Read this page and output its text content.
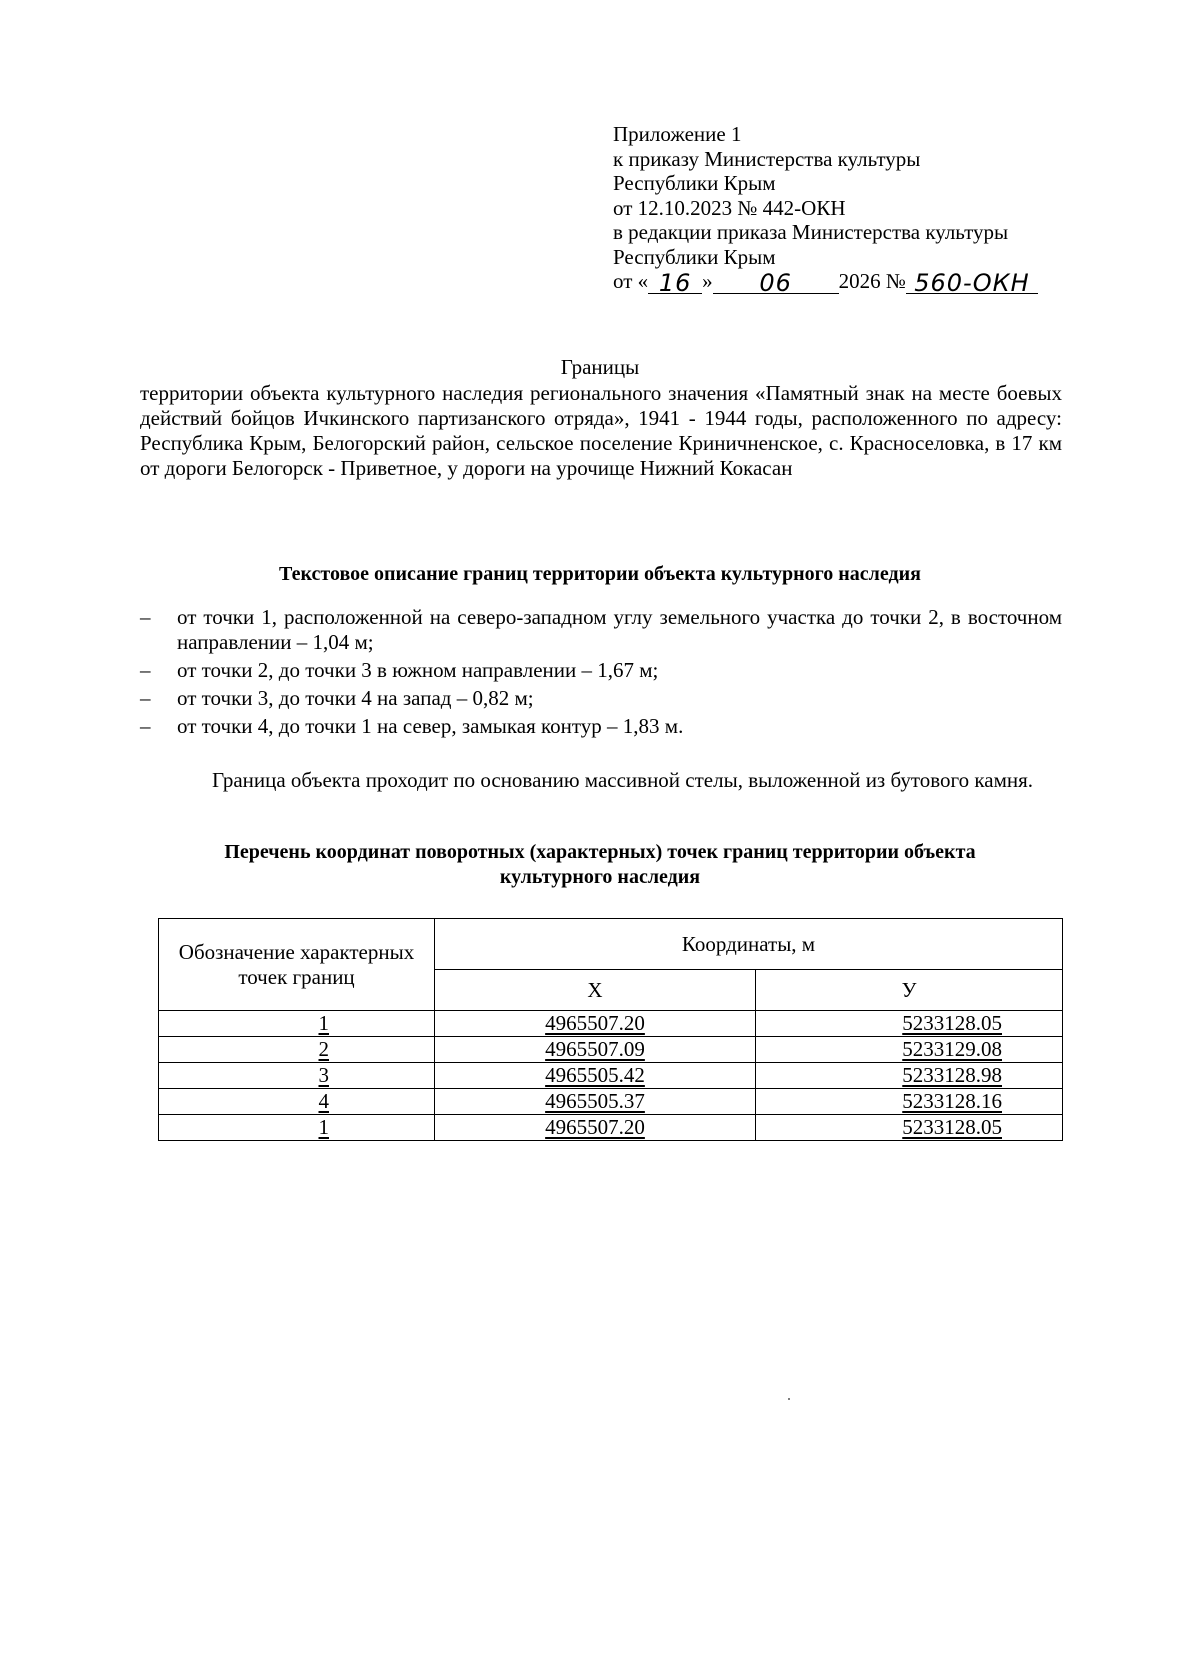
Приложение 1
к приказу Министерства культуры
Республики Крым
от 12.10.2023 № 442-ОКН
в редакции приказа Министерства культуры
Республики Крым
от « 16 » 06 2026 № 560-ОКН
Границы
территории объекта культурного наследия регионального значения «Памятный знак на месте боевых действий бойцов Ичкинского партизанского отряда», 1941 - 1944 годы, расположенного по адресу: Республика Крым, Белогорский район, сельское поселение Криничненское, с. Красноселовка, в 17 км от дороги Белогорск - Приветное, у дороги на урочище Нижний Кокасан
Текстовое описание границ территории объекта культурного наследия
– от точки 1, расположенной на северо-западном углу земельного участка до точки 2, в восточном направлении – 1,04 м;
– от точки 2, до точки 3 в южном направлении – 1,67 м;
– от точки 3, до точки 4 на запад – 0,82 м;
– от точки 4, до точки 1 на север, замыкая контур – 1,83 м.
Граница объекта проходит по основанию массивной стелы, выложенной из бутового камня.
Перечень координат поворотных (характерных) точек границ территории объекта
культурного наследия
Обозначение характерных точек границ	Координаты, м	
	Х	У
1	4965507.20	5233128.05
2	4965507.09	5233129.08
3	4965505.42	5233128.98
4	4965505.37	5233128.16
1	4965507.20	5233128.05
